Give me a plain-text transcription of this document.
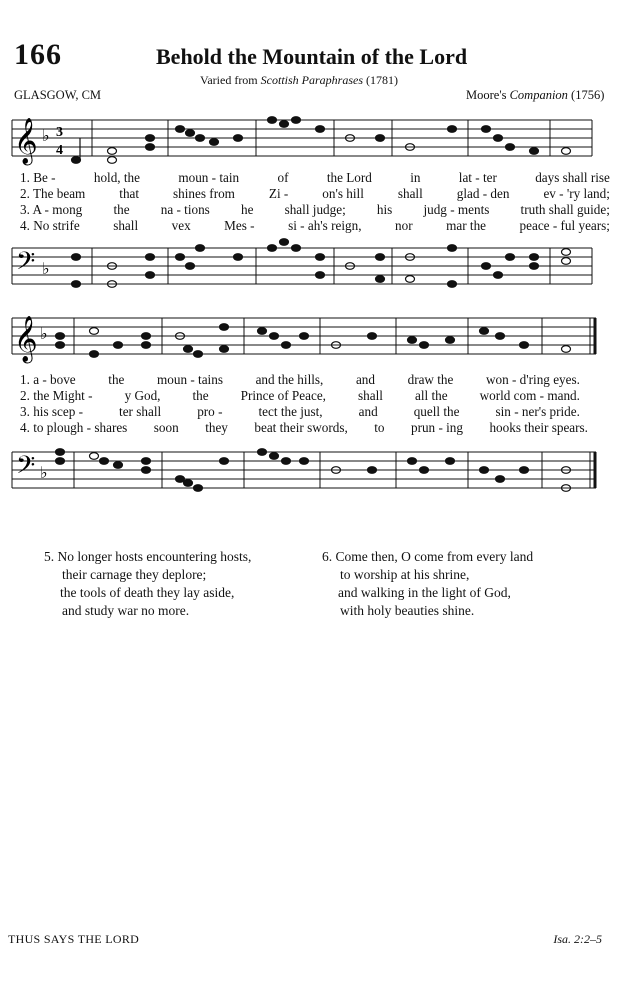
166	Behold the Mountain of the Lord
Varied from Scottish Paraphrases (1781)
GLASGOW, CM	Moore's Companion (1756)
𝄞 ♭ 3
4
1. Be -	hold, the	moun - tain	of	the Lord	in	lat - ter	days shall rise
2. The beam	that	shines from	Zi -	on's hill	shall	glad - den	ev - 'ry land;
3. A - mong the na - tions he shall judge; his judg - ments truth shall guide;
4. No strife	shall	vex	Mes -	si - ah's reign,	nor	mar the	peace - ful years;
𝄢 ♭
𝄞 ♭
1. a - bove the moun - tains and the hills, and draw the won - d'ring eyes.
2. the Might - y God, the Prince of Peace, shall all the world com - mand.
3. his scep -	ter shall	pro -	tect the just,	and	quell the	sin - ner's pride.
4. to plough - shares soon they beat their swords, to prun - ing hooks their spears.
𝄢 ♭
5. No longer hosts encountering hosts,
their carnage they deplore;
the tools of death they lay aside,
and study war no more.
6. Come then, O come from every land
to worship at his shrine,
and walking in the light of God,
with holy beauties shine.
THUS SAYS THE LORD	Isa. 2:2–5
